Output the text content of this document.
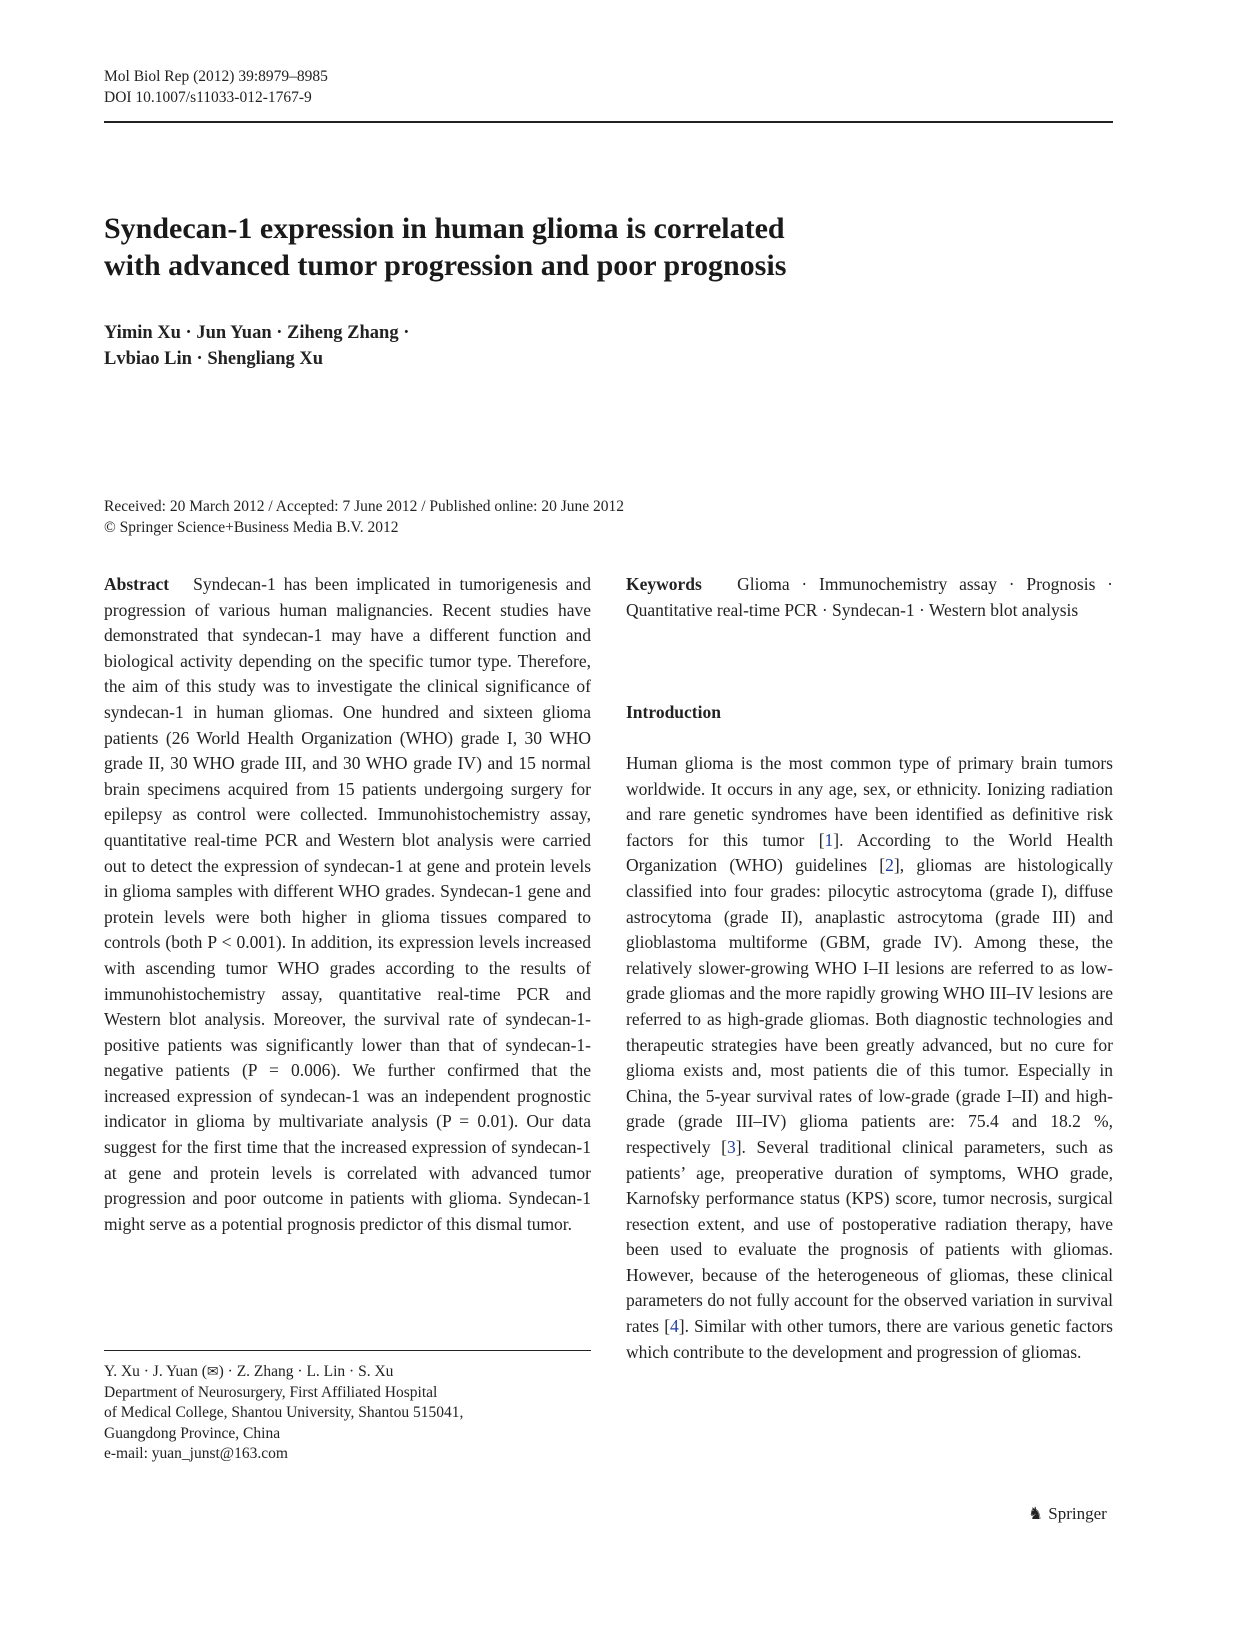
Mol Biol Rep (2012) 39:8979–8985
DOI 10.1007/s11033-012-1767-9
Syndecan-1 expression in human glioma is correlated
with advanced tumor progression and poor prognosis
Yimin Xu · Jun Yuan · Ziheng Zhang ·
Lvbiao Lin · Shengliang Xu
Received: 20 March 2012 / Accepted: 7 June 2012 / Published online: 20 June 2012
© Springer Science+Business Media B.V. 2012

Abstract Syndecan-1 has been implicated in tumorigenesis and progression of various human malignancies. Recent studies have demonstrated that syndecan-1 may have a different function and biological activity depending on the specific tumor type. Therefore, the aim of this study was to investigate the clinical significance of syndecan-1 in human gliomas. One hundred and sixteen glioma patients (26 World Health Organization (WHO) grade I, 30 WHO grade II, 30 WHO grade III, and 30 WHO grade IV) and 15 normal brain specimens acquired from 15 patients undergoing surgery for epilepsy as control were collected. Immunohistochemistry assay, quantitative real-time PCR and Western blot analysis were carried out to detect the expression of syndecan-1 at gene and protein levels in glioma samples with different WHO grades. Syndecan-1 gene and protein levels were both higher in glioma tissues compared to controls (both P < 0.001). In addition, its expression levels increased with ascending tumor WHO grades according to the results of immunohistochemistry assay, quantitative real-time PCR and Western blot analysis. Moreover, the survival rate of syndecan-1-positive patients was significantly lower than that of syndecan-1-negative patients (P = 0.006). We further confirmed that the increased expression of syndecan-1 was an independent prognostic indicator in glioma by multivariate analysis (P = 0.01). Our data suggest for the first time that the increased expression of syndecan-1 at gene and protein levels is correlated with advanced tumor progression and poor outcome in patients with glioma. Syndecan-1 might serve as a potential prognosis predictor of this dismal tumor.

Keywords Glioma · Immunochemistry assay · Prognosis · Quantitative real-time PCR · Syndecan-1 · Western blot analysis

Introduction

Human glioma is the most common type of primary brain tumors worldwide. It occurs in any age, sex, or ethnicity. Ionizing radiation and rare genetic syndromes have been identified as definitive risk factors for this tumor [1]. According to the World Health Organization (WHO) guidelines [2], gliomas are histologically classified into four grades: pilocytic astrocytoma (grade I), diffuse astrocytoma (grade II), anaplastic astrocytoma (grade III) and glioblastoma multiforme (GBM, grade IV). Among these, the relatively slower-growing WHO I–II lesions are referred to as low-grade gliomas and the more rapidly growing WHO III–IV lesions are referred to as high-grade gliomas. Both diagnostic technologies and therapeutic strategies have been greatly advanced, but no cure for glioma exists and, most patients die of this tumor. Especially in China, the 5-year survival rates of low-grade (grade I–II) and high-grade (grade III–IV) glioma patients are: 75.4 and 18.2 %, respectively [3]. Several traditional clinical parameters, such as patients’ age, preoperative duration of symptoms, WHO grade, Karnofsky performance status (KPS) score, tumor necrosis, surgical resection extent, and use of postoperative radiation therapy, have been used to evaluate the prognosis of patients with gliomas. However, because of the heterogeneous of gliomas, these clinical parameters do not fully account for the observed variation in survival rates [4]. Similar with other tumors, there are various genetic factors which contribute to the development and progression of gliomas.

Y. Xu · J. Yuan (✉) · Z. Zhang · L. Lin · S. Xu
Department of Neurosurgery, First Affiliated Hospital
of Medical College, Shantou University, Shantou 515041,
Guangdong Province, China
e-mail: yuan_junst@163.com
♞ Springer
